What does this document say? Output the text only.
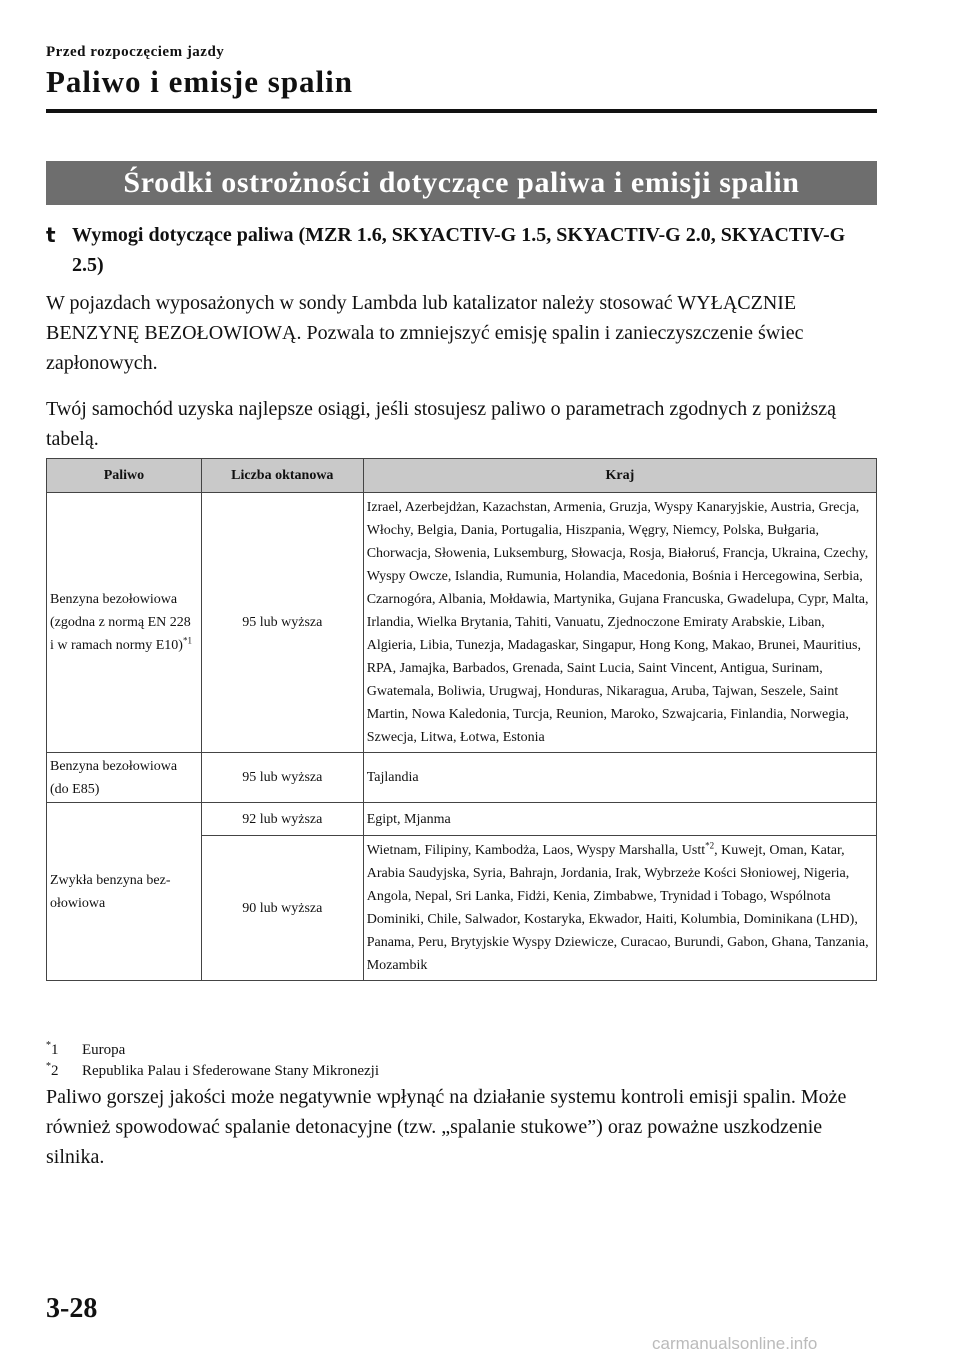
Przed rozpoczęciem jazdy
Paliwo i emisje spalin
Środki ostrożności dotyczące paliwa i emisji spalin
t Wymogi dotyczące paliwa (MZR 1.6, SKYACTIV-G 1.5, SKYACTIV-G 2.0, SKYACTIV-G 2.5)
W pojazdach wyposażonych w sondy Lambda lub katalizator należy stosować WYŁĄCZNIE BENZYNĘ BEZOŁOWIOWĄ. Pozwala to zmniejszyć emisję spalin i zanieczyszczenie świec zapłonowych.
Twój samochód uzyska najlepsze osiągi, jeśli stosujesz paliwo o parametrach zgodnych z poniższą tabelą.
Paliwo	Liczba oktanowa	Kraj
Benzyna bezołowiowa (zgodna z normą EN 228 i w ramach normy E10)$^{*1}$	95 lub wyższa	Izrael, Azerbejdżan, Kazachstan, Armenia, Gruzja, Wyspy Kanaryjskie, Austria, Grecja, Włochy, Belgia, Dania, Portugalia, Hiszpania, Węgry, Niemcy, Polska, Bułgaria, Chorwacja, Słowenia, Luksemburg, Słowacja, Rosja, Białoruś, Francja, Ukraina, Czechy, Wyspy Owcze, Islandia, Rumunia, Holandia, Macedonia, Bośnia i Hercegowina, Serbia, Czarnogóra, Albania, Mołdawia, Martynika, Gujana Francuska, Gwadelupa, Cypr, Malta, Irlandia, Wielka Brytania, Tahiti, Vanuatu, Zjednoczone Emiraty Arabskie, Liban, Algieria, Libia, Tunezja, Madagaskar, Singapur, Hong Kong, Makao, Brunei, Mauritius, RPA, Jamajka, Barbados, Grenada, Saint Lucia, Saint Vincent, Antigua, Surinam, Gwatemala, Boliwia, Urugwaj, Honduras, Nikaragua, Aruba, Tajwan, Seszele, Saint Martin, Nowa Kaledonia, Turcja, Reunion, Maroko, Szwajcaria, Finlandia, Norwegia, Szwecja, Litwa, Łotwa, Estonia
Benzyna bezołowiowa (do E85)	95 lub wyższa	Tajlandia
Zwykła benzyna bez-ołowiowa	92 lub wyższa	Egipt, Mjanma
	90 lub wyższa	Wietnam, Filipiny, Kambodża, Laos, Wyspy Marshalla, Ustt$^{*2}$, Kuwejt, Oman, Katar, Arabia Saudyjska, Syria, Bahrajn, Jordania, Irak, Wybrzeże Kości Słoniowej, Nigeria, Angola, Nepal, Sri Lanka, Fidżi, Kenia, Zimbabwe, Trynidad i Tobago, Wspólnota Dominiki, Chile, Salwador, Kostaryka, Ekwador, Haiti, Kolumbia, Dominikana (LHD), Panama, Peru, Brytyjskie Wyspy Dziewicze, Curacao, Burundi, Gabon, Ghana, Tanzania, Mozambik
*1	Europa
*2	Republika Palau i Sfederowane Stany Mikronezji
Paliwo gorszej jakości może negatywnie wpłynąć na działanie systemu kontroli emisji spalin. Może również spowodować spalanie detonacyjne (tzw. „spalanie stukowe”) oraz poważne uszkodzenie silnika.
3-28
carmanualsonline.info
